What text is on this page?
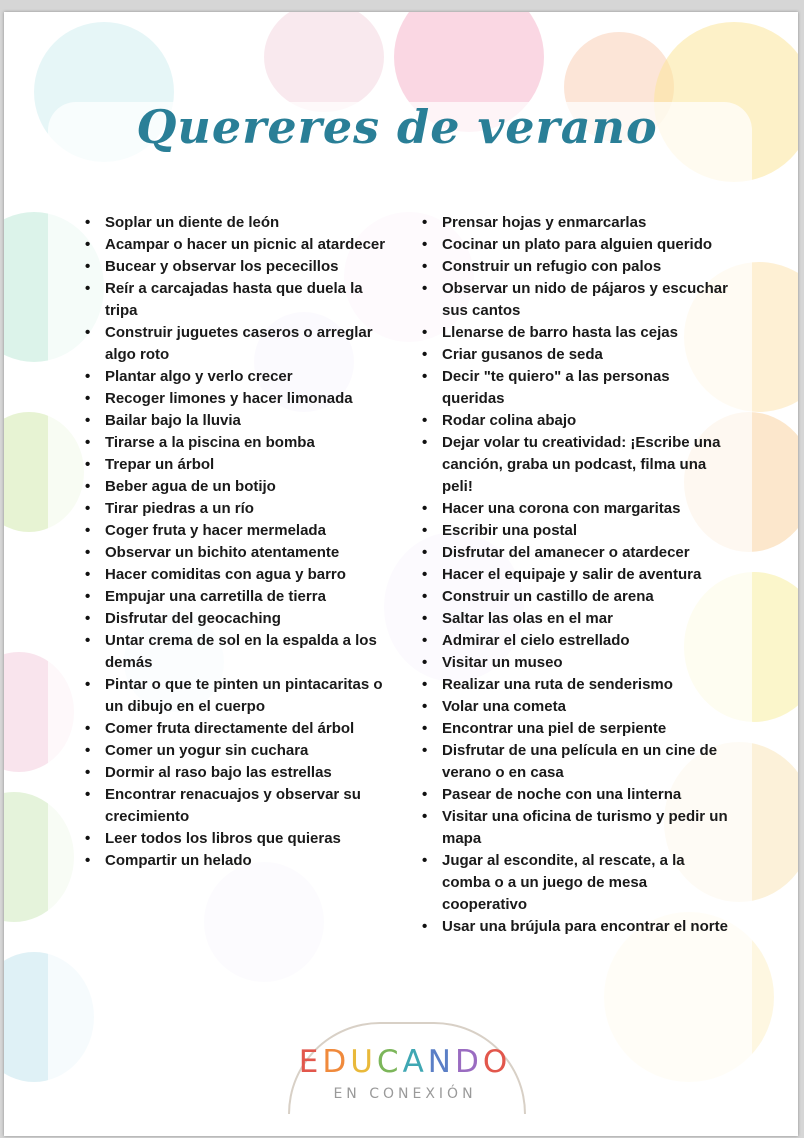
Quereres de verano
• Soplar un diente de león
• Acampar o hacer un picnic al atardecer
• Bucear y observar los pececillos
• Reír a carcajadas hasta que duela la tripa
• Construir juguetes caseros o arreglar algo roto
• Plantar algo y verlo crecer
• Recoger limones y hacer limonada
• Bailar bajo la lluvia
• Tirarse a la piscina en bomba
• Trepar un árbol
• Beber agua de un botijo
• Tirar piedras a un río
• Coger fruta y hacer mermelada
• Observar un bichito atentamente
• Hacer comiditas con agua y barro
• Empujar una carretilla de tierra
• Disfrutar del geocaching
• Untar crema de sol en la espalda a los demás
• Pintar o que te pinten un pintacaritas o un dibujo en el cuerpo
• Comer fruta directamente del árbol
• Comer un yogur sin cuchara
• Dormir al raso bajo las estrellas
• Encontrar renacuajos y observar su crecimiento
• Leer todos los libros que quieras
• Compartir un helado
• Prensar hojas y enmarcarlas
• Cocinar un plato para alguien querido
• Construir un refugio con palos
• Observar un nido de pájaros y escuchar sus cantos
• Llenarse de barro hasta las cejas
• Criar gusanos de seda
• Decir "te quiero" a las personas queridas
• Rodar colina abajo
• Dejar volar tu creatividad: ¡Escribe una canción, graba un podcast, filma una peli!
• Hacer una corona con margaritas
• Escribir una postal
• Disfrutar del amanecer o atardecer
• Hacer el equipaje y salir de aventura
• Construir un castillo de arena
• Saltar las olas en el mar
• Admirar el cielo estrellado
• Visitar un museo
• Realizar una ruta de senderismo
• Volar una cometa
• Encontrar una piel de serpiente
• Disfrutar de una película en un cine de verano o en casa
• Pasear de noche con una linterna
• Visitar una oficina de turismo y pedir un mapa
• Jugar al escondite, al rescate, a la comba o a un juego de mesa cooperativo
• Usar una brújula para encontrar el norte
EDUCANDO
EN CONEXIÓN
